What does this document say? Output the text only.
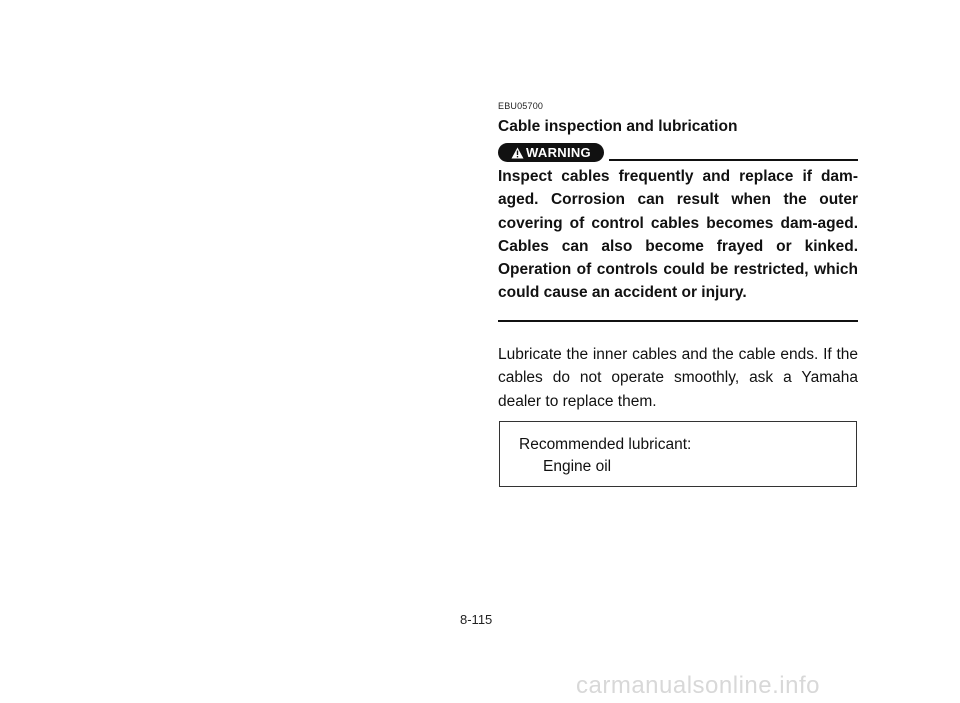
EBU05700
Cable inspection and lubrication
WARNING

Inspect cables frequently and replace if dam-aged. Corrosion can result when the outer covering of control cables becomes dam-aged. Cables can also become frayed or kinked. Operation of controls could be restricted, which could cause an accident or injury.

Lubricate the inner cables and the cable ends. If the cables do not operate smoothly, ask a Yamaha dealer to replace them.

Recommended lubricant:
Engine oil
8-115
carmanualsonline.info
